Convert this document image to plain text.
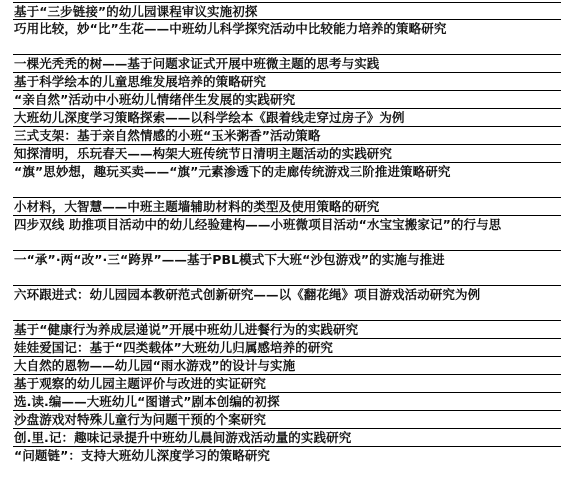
基于“三步链接”的幼儿园课程审议实施初探
巧用比较，妙“比”生花——中班幼儿科学探究活动中比较能力培养的策略研究
一棵光秃秃的树——基于问题求证式开展中班微主题的思考与实践
基于科学绘本的儿童思维发展培养的策略研究
“亲自然”活动中小班幼儿情绪伴生发展的实践研究
大班幼儿深度学习策略探索——以科学绘本《跟着线走穿过房子》为例
三式支架：基于亲自然情感的小班“玉米粥香”活动策略
知探清明，乐玩春天——构架大班传统节日清明主题活动的实践研究
“旗”思妙想，趣玩买卖——“旗”元素渗透下的走廊传统游戏三阶推进策略研究
小材料，大智慧——中班主题墙辅助材料的类型及使用策略的研究
四步双线 助推项目活动中的幼儿经验建构——小班微项目活动“水宝宝搬家记”的行与思
一“承”·两“改”·三“跨界”——基于PBL模式下大班“沙包游戏”的实施与推进
六环跟进式：幼儿园园本教研范式创新研究——以《翻花绳》项目游戏活动研究为例
基于“健康行为养成层递说”开展中班幼儿进餐行为的实践研究
娃娃爱国记：基于“四类载体”大班幼儿归属感培养的研究
大自然的恩物——幼儿园“雨水游戏”的设计与实施
基于观察的幼儿园主题评价与改进的实证研究
选.读.编——大班幼儿“图谱式”剧本创编的初探
沙盘游戏对特殊儿童行为问题干预的个案研究
创.里.记：趣味记录提升中班幼儿晨间游戏活动量的实践研究
“问题链”：支持大班幼儿深度学习的策略研究
